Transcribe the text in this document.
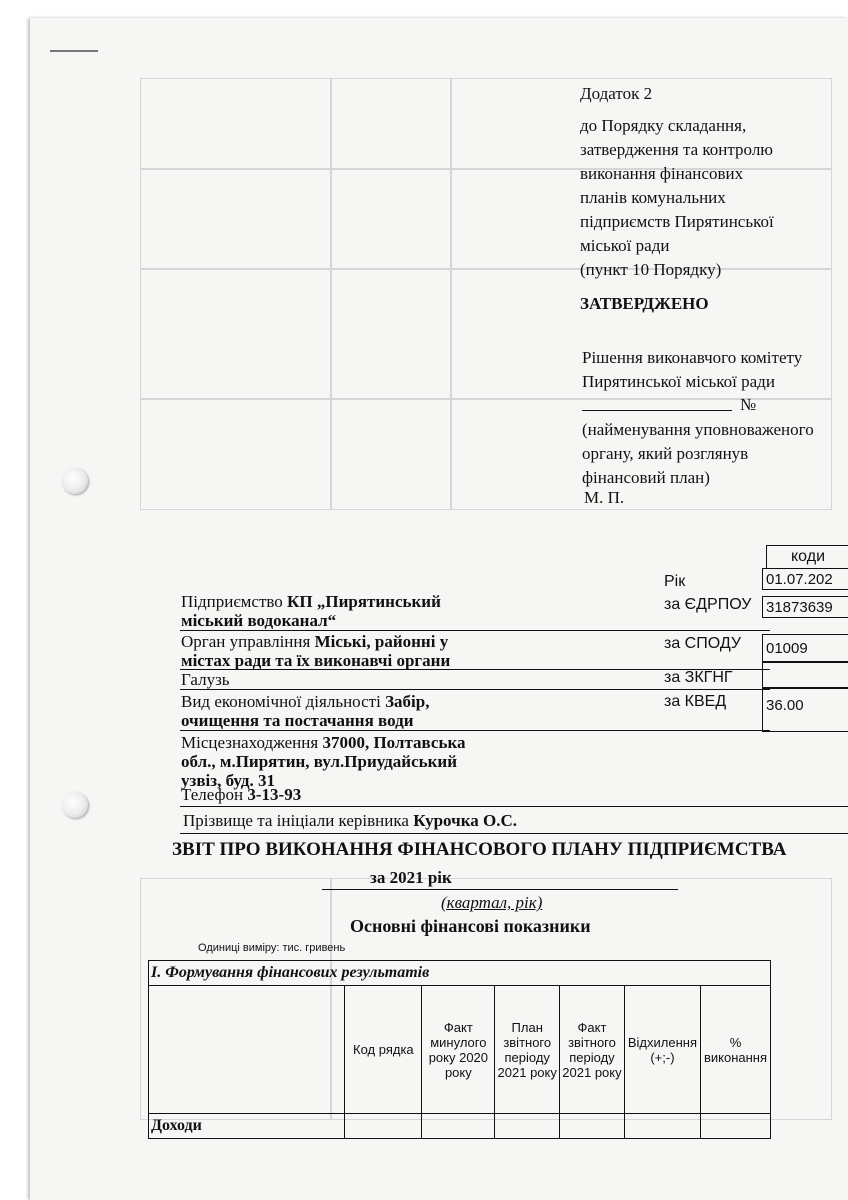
Додаток 2
до Порядку складання,
затвердження та контролю
виконання фінансових
планів комунальних
підприємств Пирятинської
міської ради
(пункт 10 Порядку)
ЗАТВЕРДЖЕНО
Рішення виконавчого комітету
Пирятинської міської ради
№
(найменування уповноваженого
органу, який розглянув
фінансовий план)
М. П.
коди
Рік	01.07.202
за ЄДРПОУ 31873639
за СПОДУ 01009
за ЗКГНГ
за КВЕД	36.00
Підприємство КП „Пирятинський
міський водоканал“
Орган управління Міські, районні у
містах ради та їх виконавчі органи
Галузь
Вид економічної діяльності Забір,
очищення та постачання води
Місцезнаходження 37000, Полтавська
обл., м.Пирятин, вул.Приудайський
узвіз, буд. 31
Телефон 3-13-93
Прізвище та ініціали керівника Курочка О.С.
ЗВІТ ПРО ВИКОНАННЯ ФІНАНСОВОГО ПЛАНУ ПІДПРИЄМСТВА
за 2021 рік
(квартал, рік)
Основні фінансові показники
Одиниці виміру: тис. гривень
І. Формування фінансових результатів						
	Код рядка	Факт минулого року 2020 року	План звітного періоду 2021 року	Факт звітного періоду 2021 року	Відхилення (+;-)	% виконання
Доходи						
